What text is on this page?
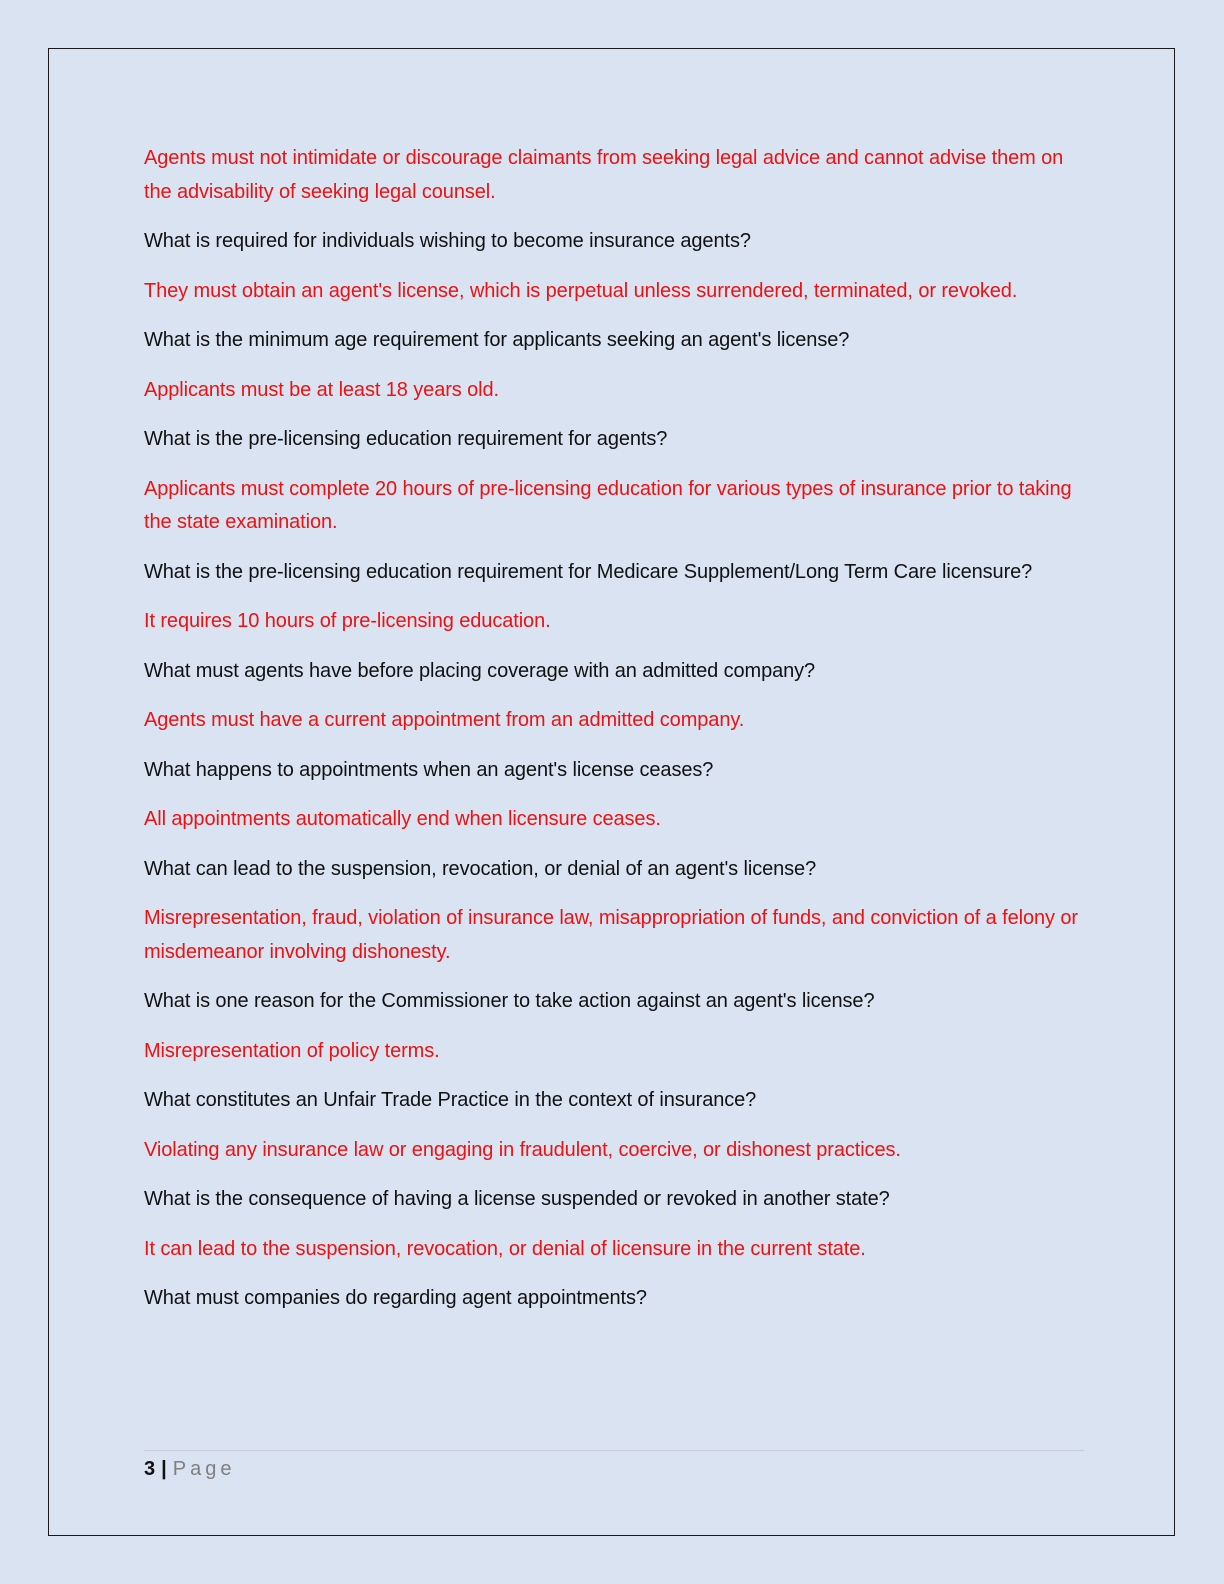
Agents must not intimidate or discourage claimants from seeking legal advice and cannot advise them on the advisability of seeking legal counsel.

What is required for individuals wishing to become insurance agents?

They must obtain an agent's license, which is perpetual unless surrendered, terminated, or revoked.

What is the minimum age requirement for applicants seeking an agent's license?

Applicants must be at least 18 years old.

What is the pre-licensing education requirement for agents?

Applicants must complete 20 hours of pre-licensing education for various types of insurance prior to taking the state examination.

What is the pre-licensing education requirement for Medicare Supplement/Long Term Care licensure?

It requires 10 hours of pre-licensing education.

What must agents have before placing coverage with an admitted company?

Agents must have a current appointment from an admitted company.

What happens to appointments when an agent's license ceases?

All appointments automatically end when licensure ceases.

What can lead to the suspension, revocation, or denial of an agent's license?

Misrepresentation, fraud, violation of insurance law, misappropriation of funds, and conviction of a felony or misdemeanor involving dishonesty.

What is one reason for the Commissioner to take action against an agent's license?

Misrepresentation of policy terms.

What constitutes an Unfair Trade Practice in the context of insurance?

Violating any insurance law or engaging in fraudulent, coercive, or dishonest practices.

What is the consequence of having a license suspended or revoked in another state?

It can lead to the suspension, revocation, or denial of licensure in the current state.

What must companies do regarding agent appointments?

3 | Page
